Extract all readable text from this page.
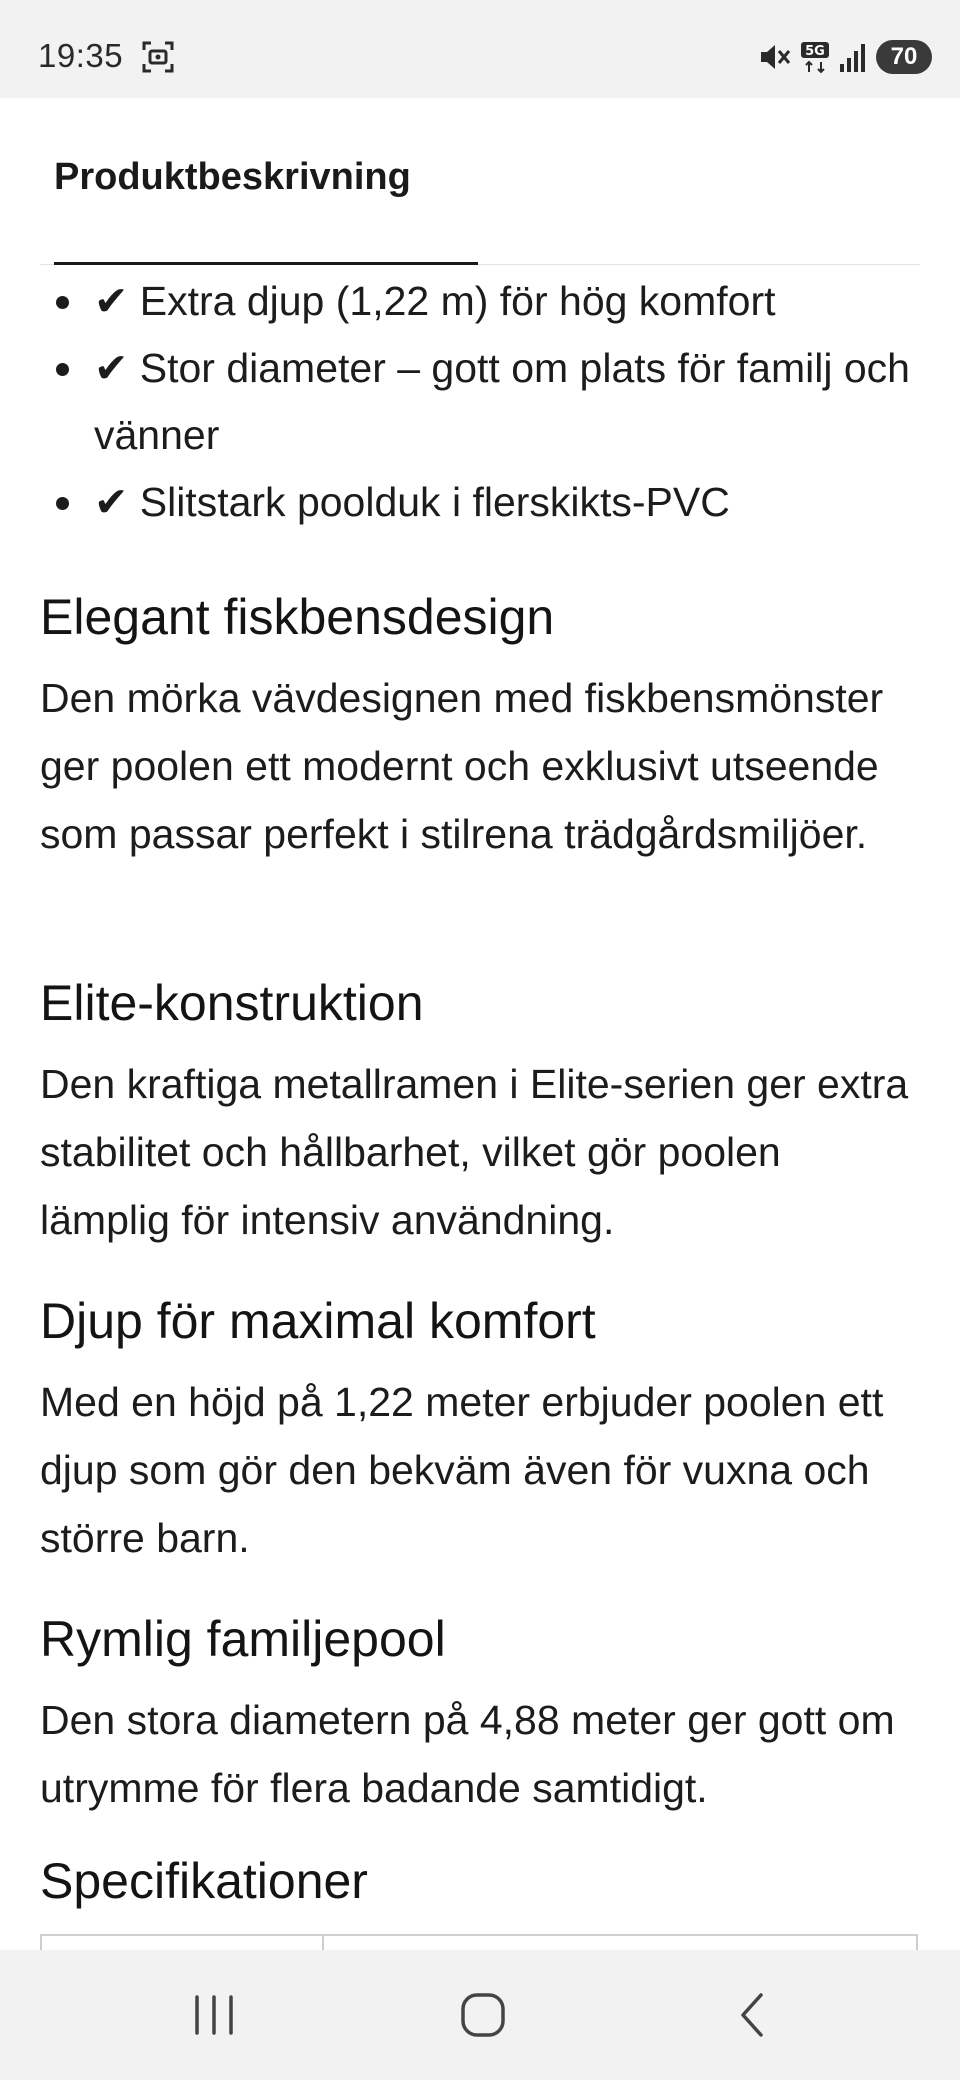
19:35	5G	70
Produktbeskrivning
✔ Extra djup (1,22 m) för hög komfort
✔ Stor diameter – gott om plats för familj och vänner
✔ Slitstark poolduk i flerskikts-PVC
Elegant fiskbensdesign

Den mörka vävdesignen med fiskbensmönster ger poolen ett modernt och exklusivt utseende som passar perfekt i stilrena trädgårdsmiljöer.

Elite-konstruktion

Den kraftiga metallramen i Elite-serien ger extra stabilitet och hållbarhet, vilket gör poolen lämplig för intensiv användning.

Djup för maximal komfort

Med en höjd på 1,22 meter erbjuder poolen ett djup som gör den bekväm även för vuxna och större barn.

Rymlig familjepool

Den stora diametern på 4,88 meter ger gott om utrymme för flera badande samtidigt.

Specifikationer
